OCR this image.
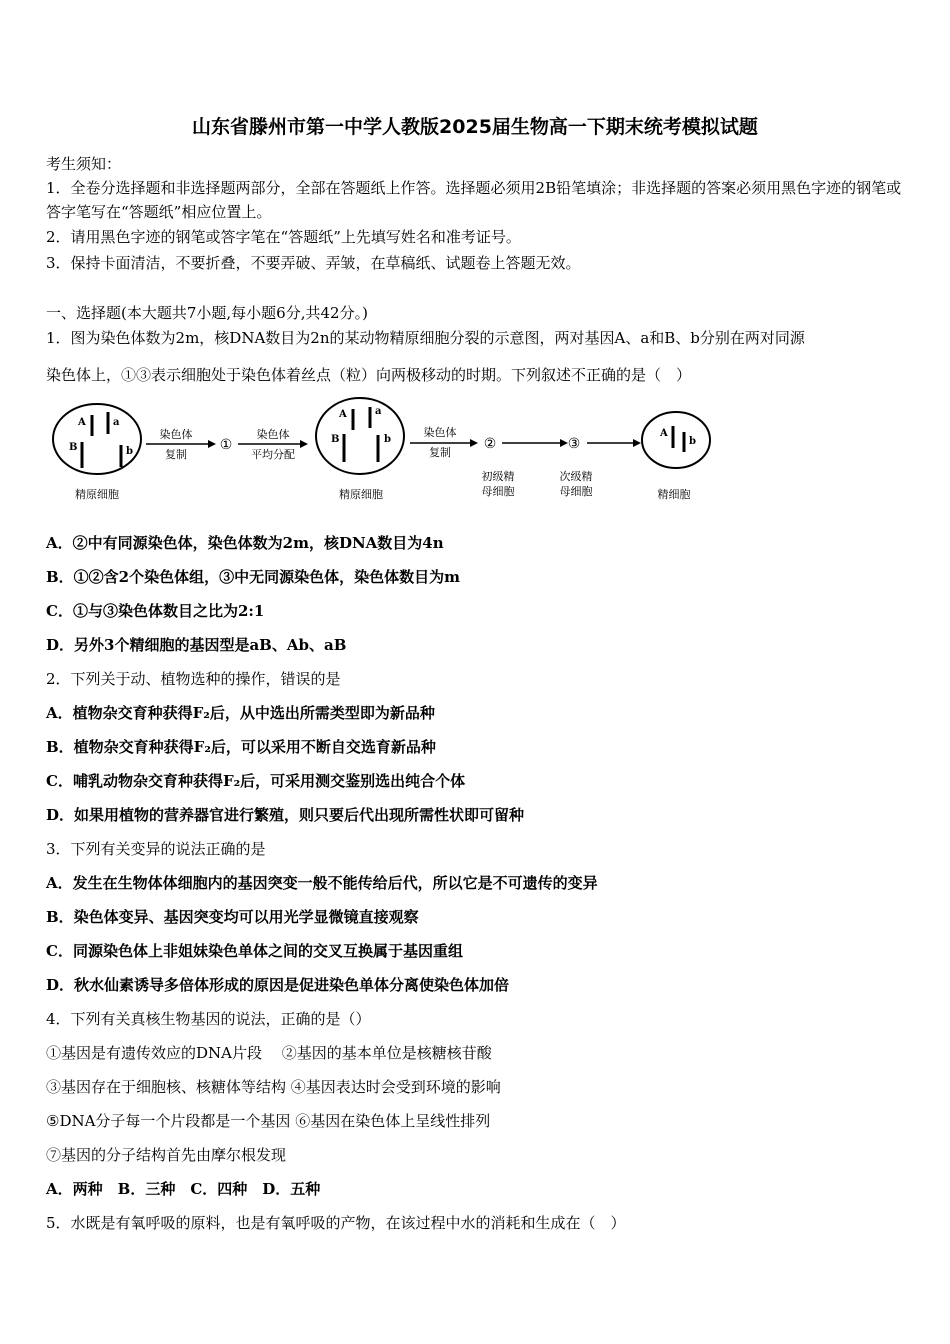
山东省滕州市第一中学人教版2025届生物高一下期末统考模拟试题
考生须知：
1．全卷分选择题和非选择题两部分，全部在答题纸上作答。选择题必须用2B铅笔填涂；非选择题的答案必须用黑色字迹的钢笔或答字笔写在“答题纸”相应位置上。
2．请用黑色字迹的钢笔或答字笔在“答题纸”上先填写姓名和准考证号。
3．保持卡面清洁，不要折叠，不要弄破、弄皱，在草稿纸、试题卷上答题无效。
一、选择题(本大题共7小题,每小题6分,共42分。)
1．图为染色体数为2m，核DNA数目为2n的某动物精原细胞分裂的示意图，两对基因A、a和B、b分别在两对同源
染色体上，①③表示细胞处于染色体着丝点（粒）向两极移动的时期。下列叙述不正确的是（　）
A	a
B	b
精原细胞
染色体
复制
①
染色体
平均分配
A	a
B	b
精原细胞
染色体
复制
②
初级精
母细胞
③
次级精
母细胞
A
b
精细胞
A．②中有同源染色体，染色体数为2m，核DNA数目为4n
B．①②含2个染色体组，③中无同源染色体，染色体数目为m
C．①与③染色体数目之比为2:1
D．另外3个精细胞的基因型是aB、Ab、aB
2．下列关于动、植物选种的操作，错误的是
A．植物杂交育种获得F₂后，从中选出所需类型即为新品种
B．植物杂交育种获得F₂后，可以采用不断自交选育新品种
C．哺乳动物杂交育种获得F₂后，可采用测交鉴别选出纯合个体
D．如果用植物的营养器官进行繁殖，则只要后代出现所需性状即可留种
3．下列有关变异的说法正确的是
A．发生在生物体体细胞内的基因突变一般不能传给后代，所以它是不可遗传的变异
B．染色体变异、基因突变均可以用光学显微镜直接观察
C．同源染色体上非姐妹染色单体之间的交叉互换属于基因重组
D．秋水仙素诱导多倍体形成的原因是促进染色单体分离使染色体加倍
4．下列有关真核生物基因的说法，正确的是（）
①基因是有遗传效应的DNA片段　 ②基因的基本单位是核糖核苷酸
③基因存在于细胞核、核糖体等结构 ④基因表达时会受到环境的影响
⑤DNA分子每一个片段都是一个基因 ⑥基因在染色体上呈线性排列
⑦基因的分子结构首先由摩尔根发现
A．两种　B．三种　C．四种　D．五种
5．水既是有氧呼吸的原料，也是有氧呼吸的产物，在该过程中水的消耗和生成在（　）
